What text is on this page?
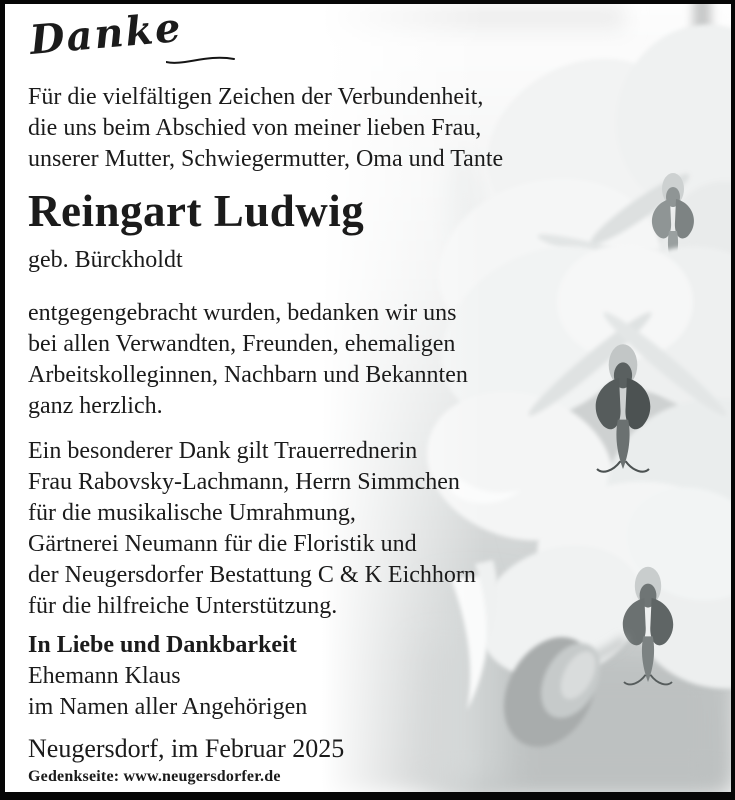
Danke

Für die vielfältigen Zeichen der Verbundenheit,
die uns beim Abschied von meiner lieben Frau,
unserer Mutter, Schwiegermutter, Oma und Tante

Reingart Ludwig
geb. Bürckholdt

entgegengebracht wurden, bedanken wir uns
bei allen Verwandten, Freunden, ehemaligen
Arbeitskolleginnen, Nachbarn und Bekannten
ganz herzlich.

Ein besonderer Dank gilt Trauerrednerin
Frau Rabovsky-Lachmann, Herrn Simmchen
für die musikalische Umrahmung,
Gärtnerei Neumann für die Floristik und
der Neugersdorfer Bestattung C & K Eichhorn
für die hilfreiche Unterstützung.

In Liebe und Dankbarkeit
Ehemann Klaus
im Namen aller Angehörigen

Neugersdorf, im Februar 2025
Gedenkseite: www.neugersdorfer.de
